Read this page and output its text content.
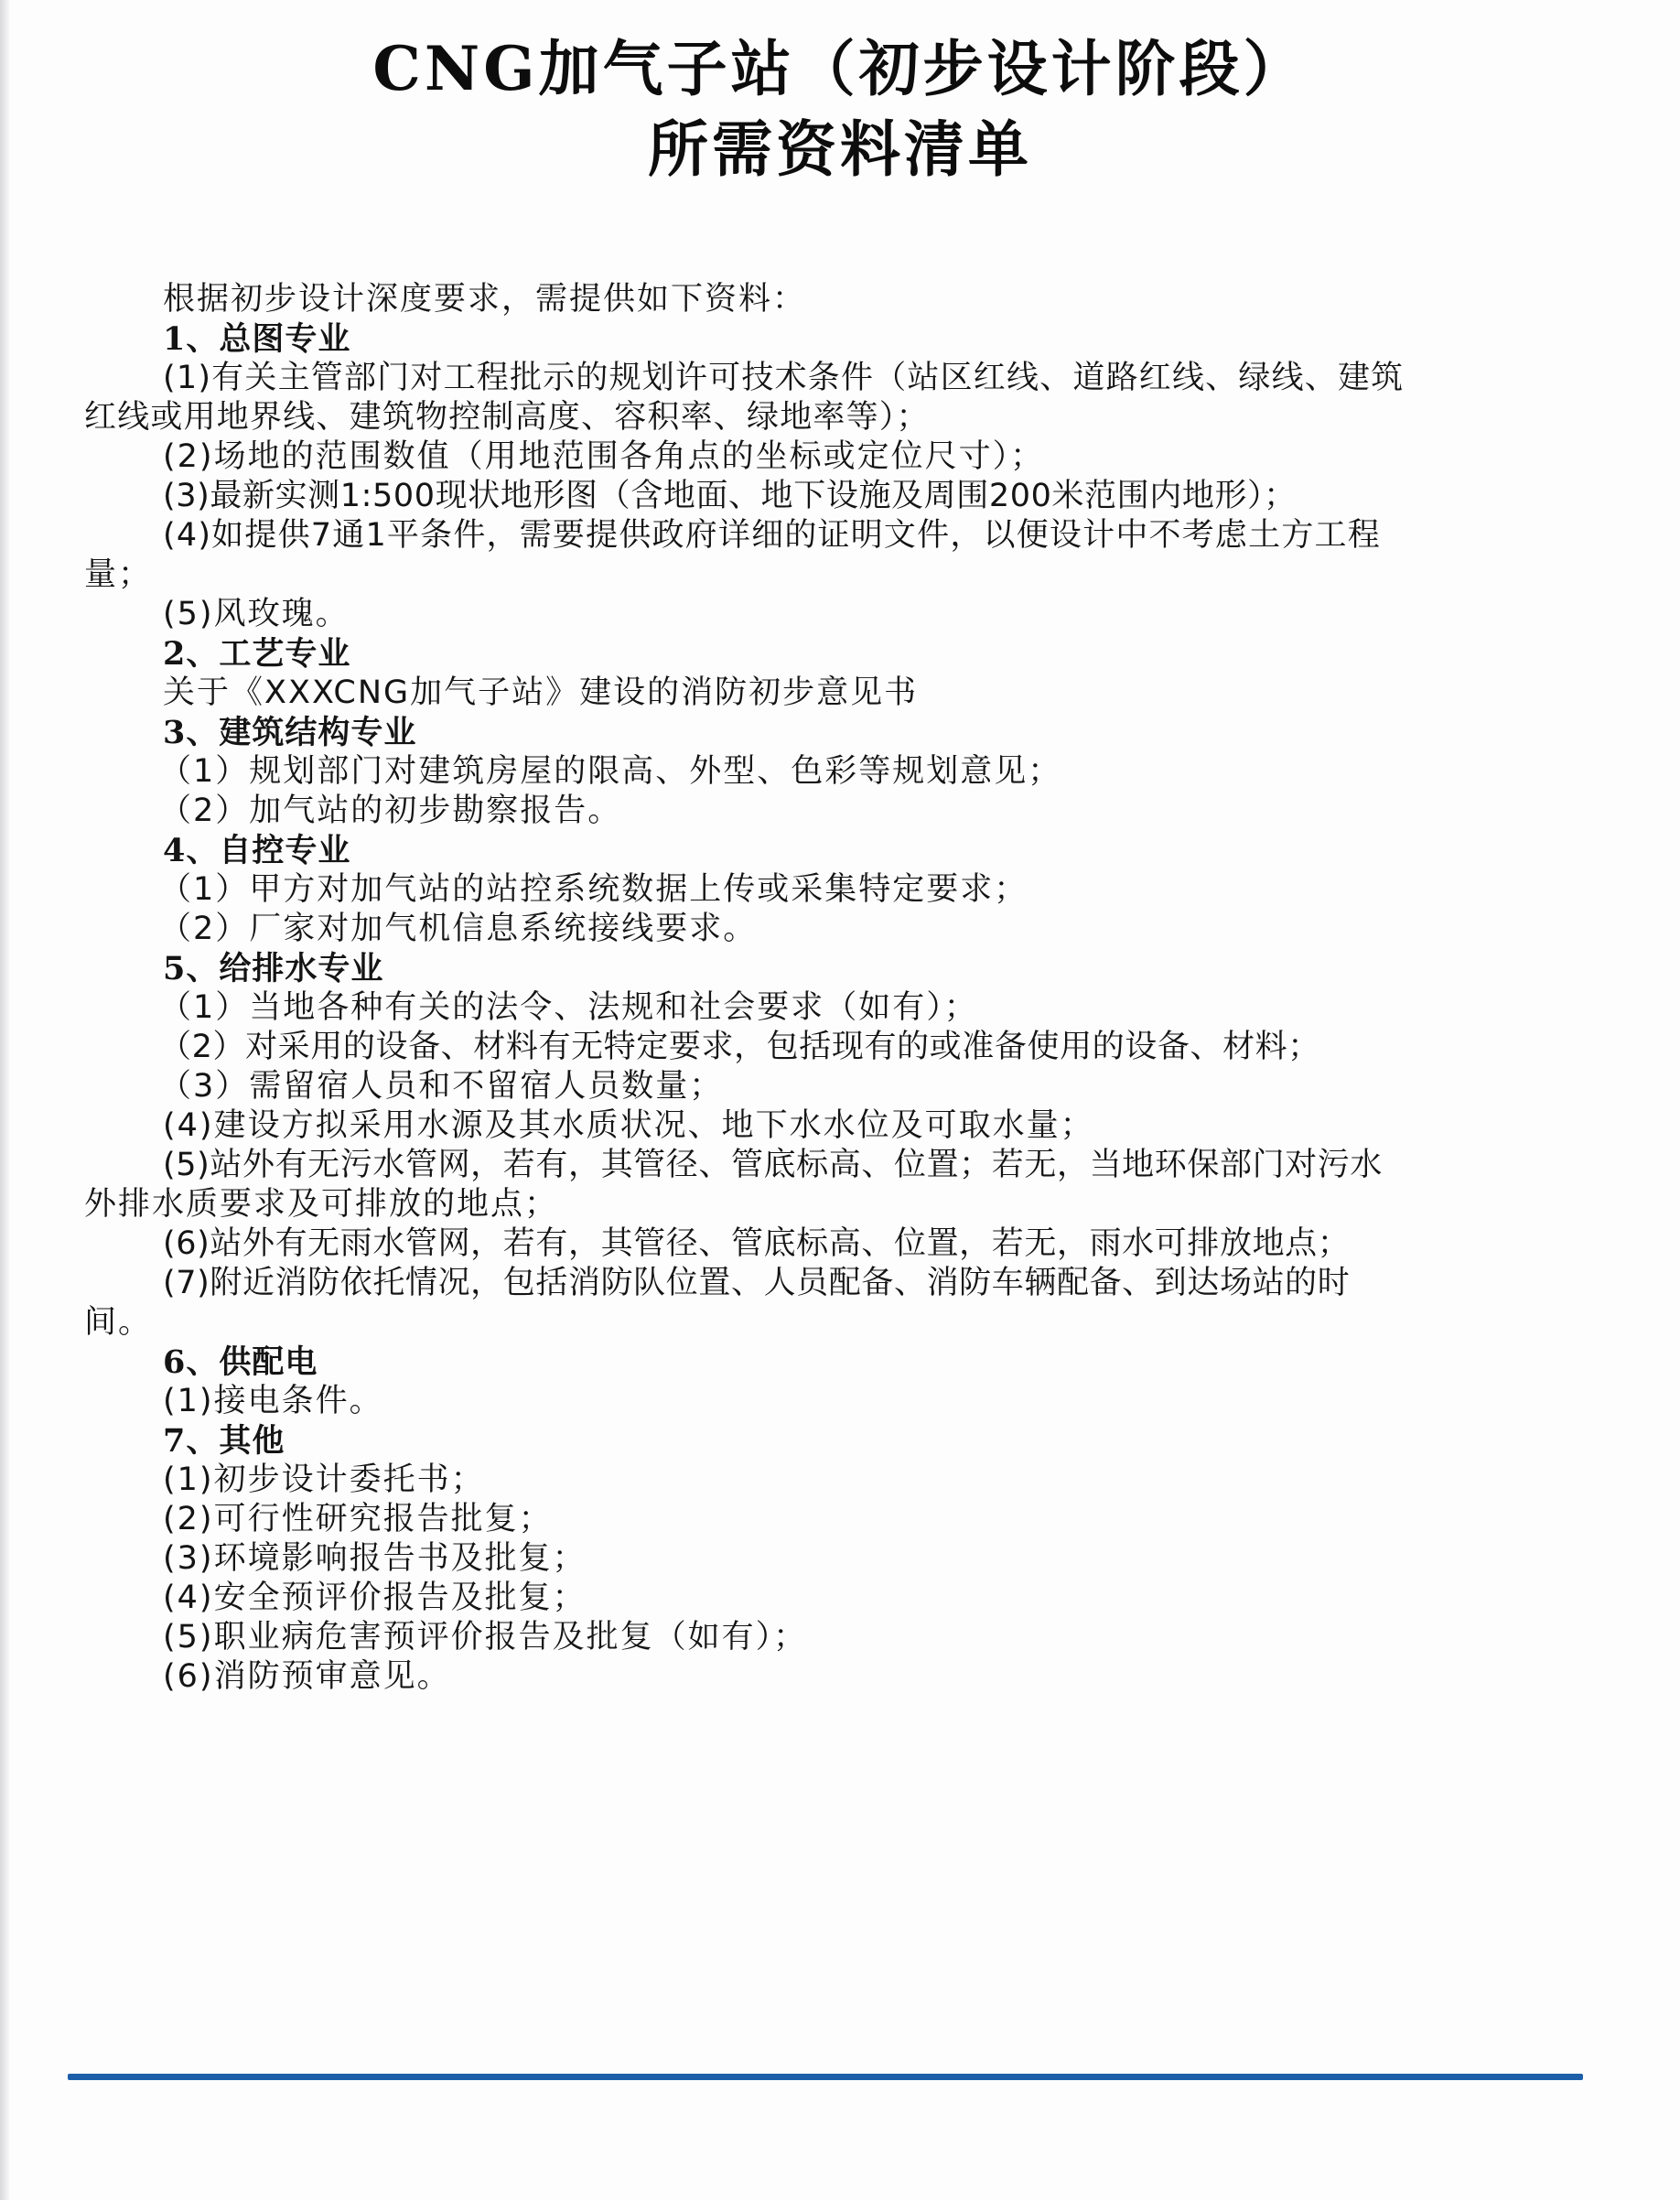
CNG加气子站（初步设计阶段）
所需资料清单
根据初步设计深度要求，需提供如下资料：
1、总图专业
(1)有关主管部门对工程批示的规划许可技术条件（站区红线、道路红线、绿线、建筑
红线或用地界线、建筑物控制高度、容积率、绿地率等）；
(2)场地的范围数值（用地范围各角点的坐标或定位尺寸）；
(3)最新实测1:500现状地形图（含地面、地下设施及周围200米范围内地形）；
(4)如提供7通1平条件，需要提供政府详细的证明文件，以便设计中不考虑土方工程
量；
(5)风玫瑰。
2、工艺专业
关于《XXXCNG加气子站》建设的消防初步意见书
3、建筑结构专业
（1）规划部门对建筑房屋的限高、外型、色彩等规划意见；
（2）加气站的初步勘察报告。
4、自控专业
（1）甲方对加气站的站控系统数据上传或采集特定要求；
（2）厂家对加气机信息系统接线要求。
5、给排水专业
（1）当地各种有关的法令、法规和社会要求（如有）；
（2）对采用的设备、材料有无特定要求，包括现有的或准备使用的设备、材料；
（3）需留宿人员和不留宿人员数量；
(4)建设方拟采用水源及其水质状况、地下水水位及可取水量；
(5)站外有无污水管网，若有，其管径、管底标高、位置；若无，当地环保部门对污水
外排水质要求及可排放的地点；
(6)站外有无雨水管网，若有，其管径、管底标高、位置，若无，雨水可排放地点；
(7)附近消防依托情况，包括消防队位置、人员配备、消防车辆配备、到达场站的时
间。
6、供配电
(1)接电条件。
7、其他
(1)初步设计委托书；
(2)可行性研究报告批复；
(3)环境影响报告书及批复；
(4)安全预评价报告及批复；
(5)职业病危害预评价报告及批复（如有）；
(6)消防预审意见。
